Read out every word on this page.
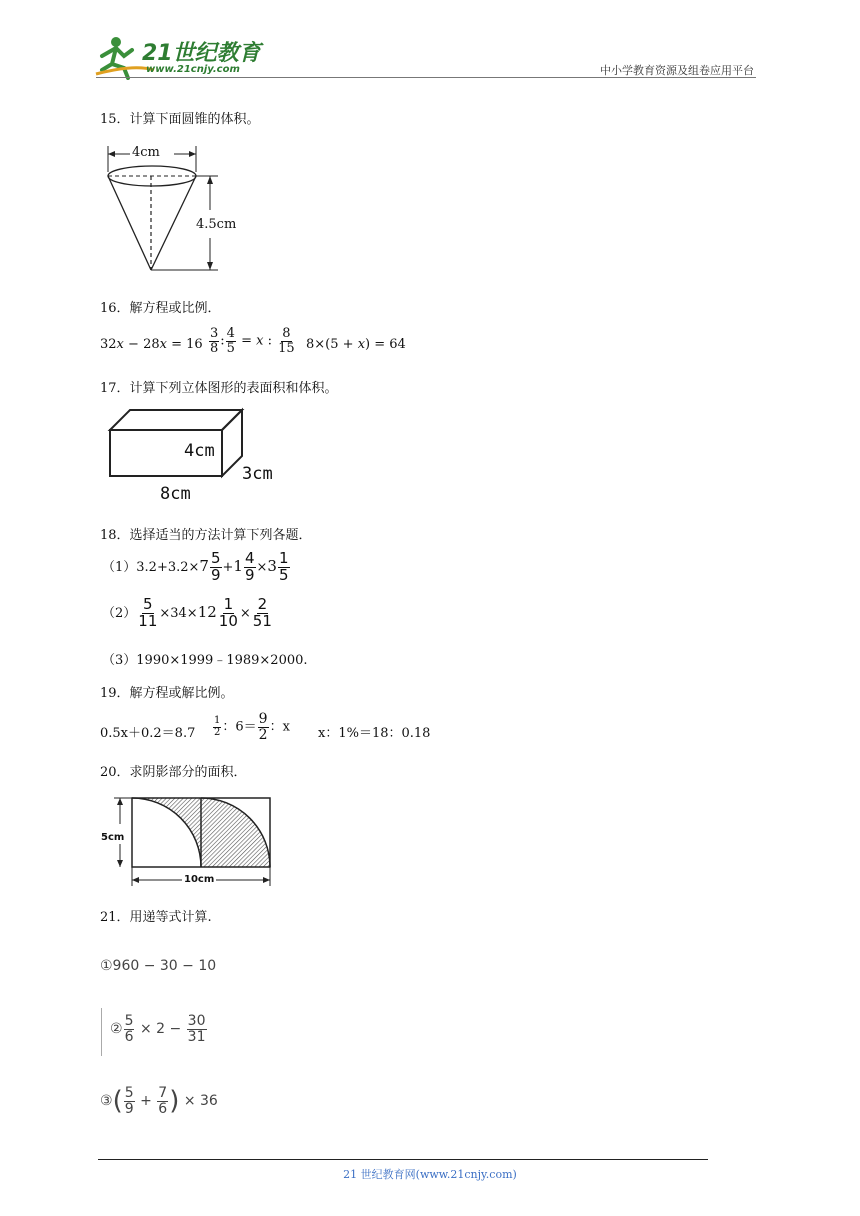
21世纪教育
www.21cnjy.com	中小学教育资源及组卷应用平台
15．计算下面圆锥的体积。
4cm
4.5cm
16．解方程或比例．
$32x - 28x = 16 \frac{3}{8}$ : $\frac{4}{5} = x$ : $\frac{8}{15} 8\times(5 + x) = 64$
17．计算下列立体图形的表面积和体积。
4cm
3cm
8cm
18．选择适当的方法计算下列各题．
$(1)3.2+3.2\times 7 \frac{5}{9} +1 \frac{4}{9} \times 3 \frac{1}{5}$
$(2) \frac{5}{11} \times 34\times 12 \frac{1}{10} \times \frac{2}{51}$
（3）1990×1999﹣1989×2000.
19．解方程或解比例。
$0.5x+0.2=8.7 \frac{1}{2}$ ：$6= \frac{9}{2}$ ：x x：1%＝18：0.18
20．求阴影部分的面积．
5cm
10cm
21．用递等式计算.
①960 − 30 − 10
② $\frac{5}{6} \times 2 - \frac{30}{31}$
③( $\frac{5}{9} + \frac{7}{6}$ ) × 36
21 世纪教育网(www.21cnjy.com)
